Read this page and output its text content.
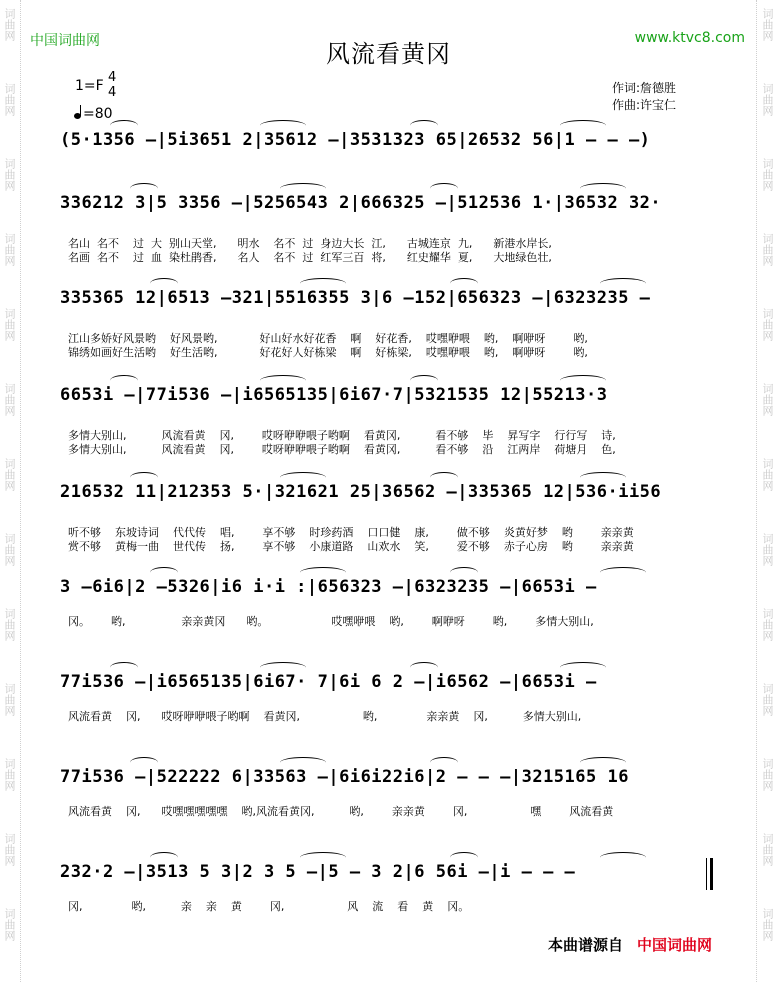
词曲网
词曲网
词曲网
词曲网
词曲网
词曲网
词曲网
词曲网
词曲网
词曲网
词曲网
词曲网
词曲网
词曲网
词曲网
词曲网
词曲网
词曲网
词曲网
词曲网
词曲网
词曲网
词曲网
词曲网
词曲网
词曲网
中国词曲网	www.ktvc8.com
风流看黄冈
1=F
4
4
=80
作词:詹德胜
作曲:许宝仁
(5·1356 –|5i3651 2|35612 –|3531323 65|26532 56|1 – – –)
336212 3|5 3356 –|5256543 2|666325 –|512536 1·|36532 32·
名山  名不    过  大  别山天堂,      明水    名不  过  身边大长  江,      古城连京  九,      新港水岸长,
名画  名不    过  血  染杜鹃香,      名人    名不  过  红军三百  将,      红史耀华  夏,      大地绿色壮,
335365 12|6513 –321|5516355 3|6 –152|656323 –|6323235 –
江山多娇好风景哟    好风景哟,            好山好水好花香    啊    好花香,    哎嘿咿喂    哟,    啊咿呀        哟,
锦绣如画好生活哟    好生活哟,            好花好人好栋梁    啊    好栋梁,    哎嘿咿喂    哟,    啊咿呀        哟,
6653i –|77i536 –|i6565135|6i67·7|5321535 12|55213·3
多情大别山,          风流看黄    冈,        哎呀咿咿喂子哟啊    看黄冈,          看不够    毕    昇写字    行行写    诗,
多情大别山,          风流看黄    冈,        哎呀咿咿喂子哟啊    看黄冈,          看不够    沿    江两岸    荷塘月    色,
216532 11|212353 5·|321621 25|36562 –|335365 12|536·ii56
听不够    东坡诗词    代代传    唱,        享不够    时珍药酒    口口健    康,        做不够    炎黄好梦    哟        亲亲黄
赏不够    黄梅一曲    世代传    扬,        享不够    小康道路    山欢水    笑,        爱不够    赤子心房    哟        亲亲黄
3 –6i6|2 –5326|i6 i·i :|656323 –|6323235 –|6653i –
冈。      哟,                亲亲黄冈      哟。                  哎嘿咿喂    哟,        啊咿呀        哟,        多情大别山,
77i536 –|i6565135|6i67· 7|6i 6 2 –|i6562 –|6653i –
风流看黄    冈,      哎呀咿咿喂子哟啊    看黄冈,                  哟,              亲亲黄    冈,          多情大别山,
77i536 –|522222 6|33563 –|6i6i22i6|2 – – –|3215165 16
风流看黄    冈,      哎嘿嘿嘿嘿嘿    哟,风流看黄冈,          哟,        亲亲黄        冈,                  嘿        风流看黄
232·2 –|3513 5 3|2 3 5 –|5 – 3 2|6 56i –|i – – –
冈,              哟,          亲    亲    黄        冈,                  风    流    看    黄    冈。
本曲谱源自 中国词曲网
